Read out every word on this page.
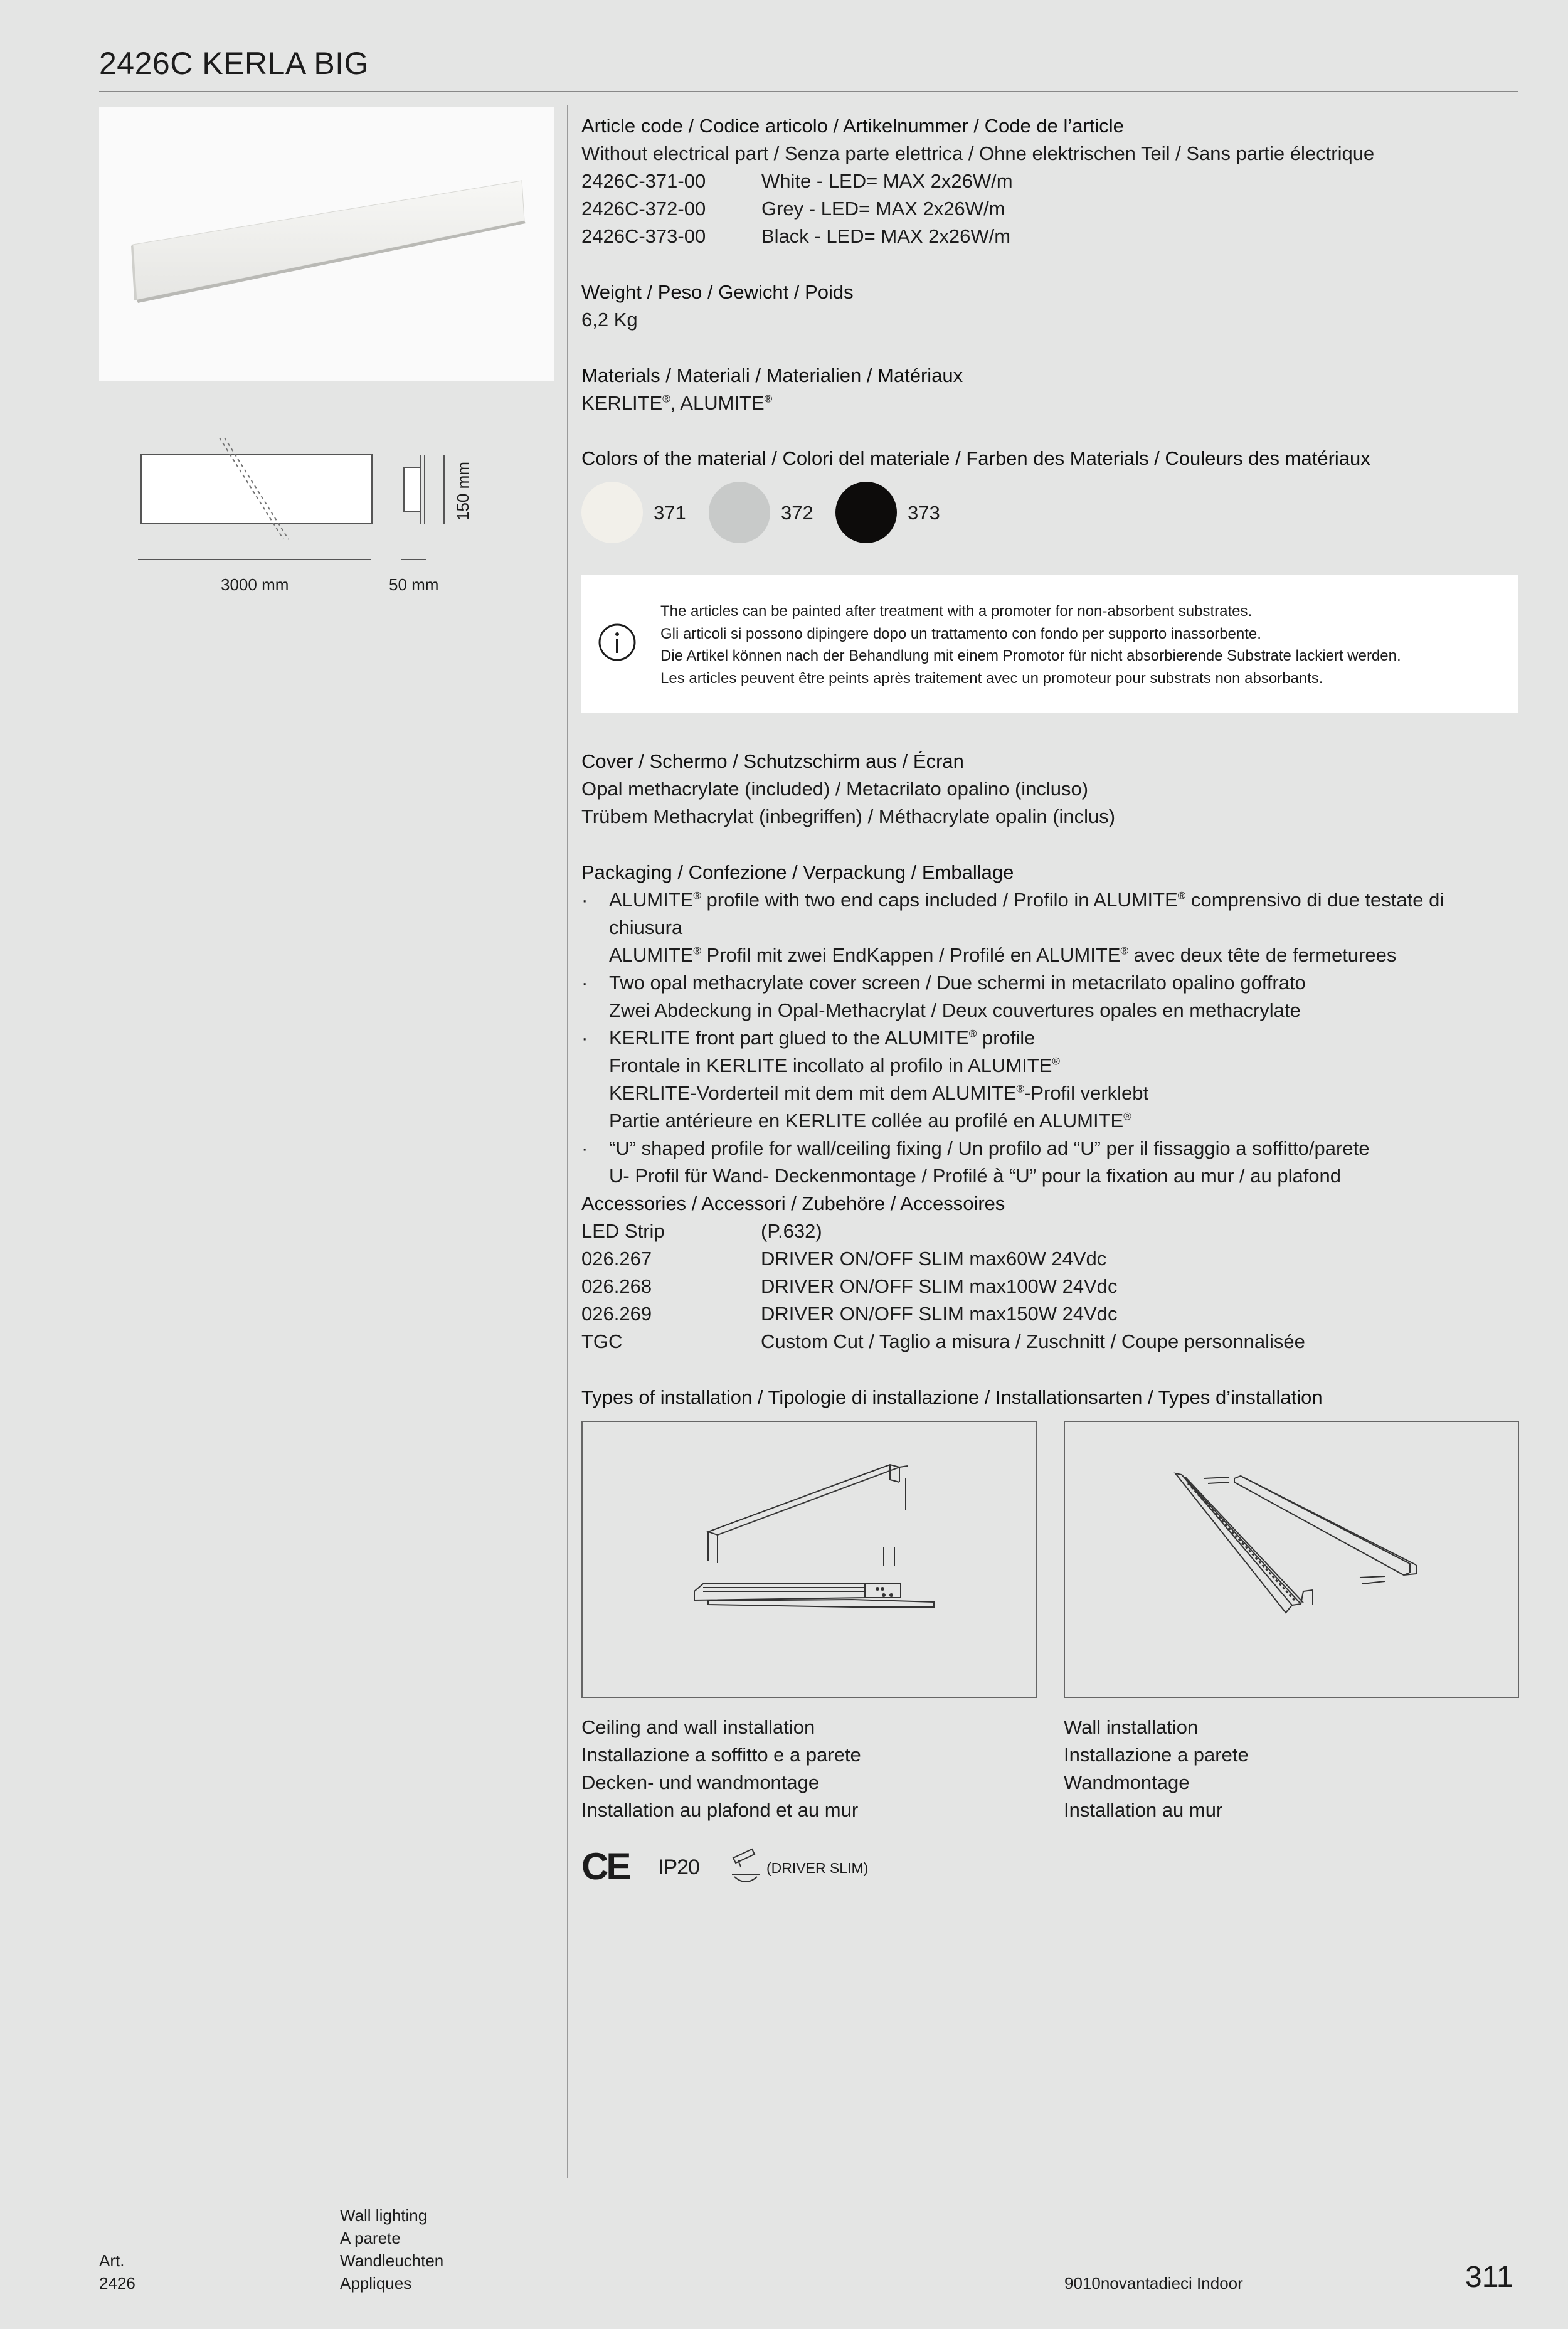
2426C KERLA BIG
3000 mm	50 mm
150 mm
Article code / Codice articolo / Artikelnummer / Code de l’article
Without electrical part / Senza parte elettrica / Ohne elektrischen Teil / Sans partie électrique
2426C-371-00	White - LED= MAX 2x26W/m
2426C-372-00	Grey - LED= MAX 2x26W/m
2426C-373-00	Black - LED= MAX 2x26W/m
Weight / Peso / Gewicht / Poids
6,2 Kg
Materials / Materiali / Materialien / Matériaux
KERLITE®, ALUMITE®
Colors of the material / Colori del materiale / Farben des Materials / Couleurs des matériaux
371	372	373
The articles can be painted after treatment with a promoter for non-absorbent substrates.
Gli articoli si possono dipingere dopo un trattamento con fondo per supporto inassorbente.
Die Artikel können nach der Behandlung mit einem Promotor für nicht absorbierende Substrate lackiert werden.
Les articles peuvent être peints après traitement avec un promoteur pour substrats non absorbants.
Cover / Schermo / Schutzschirm aus / Écran
Opal methacrylate (included) / Metacrilato opalino (incluso)
Trübem Methacrylat (inbegriffen) / Méthacrylate opalin (inclus)
Packaging / Confezione / Verpackung / Emballage
· ALUMITE® profile with two end caps included / Profilo in ALUMITE® comprensivo di due testate di chiusura
ALUMITE® Profil mit zwei EndKappen / Profilé en ALUMITE® avec deux tête de fermeturees
· Two opal methacrylate cover screen / Due schermi in metacrilato opalino goffrato
Zwei Abdeckung in Opal-Methacrylat / Deux couvertures opales en methacrylate
· KERLITE front part glued to the ALUMITE® profile
Frontale in KERLITE incollato al profilo in ALUMITE®
KERLITE-Vorderteil mit dem mit dem ALUMITE®-Profil verklebt
Partie antérieure en KERLITE collée au profilé en ALUMITE®
· “U” shaped profile for wall/ceiling fixing / Un profilo ad “U” per il fissaggio a soffitto/parete
U- Profil für Wand- Deckenmontage / Profilé à “U” pour la fixation au mur / au plafond
Accessories / Accessori / Zubehöre / Accessoires
LED Strip	(P.632)
026.267	DRIVER ON/OFF SLIM max60W 24Vdc
026.268	DRIVER ON/OFF SLIM max100W 24Vdc
026.269	DRIVER ON/OFF SLIM max150W 24Vdc
TGC	Custom Cut / Taglio a misura / Zuschnitt / Coupe personnalisée
Types of installation / Tipologie di installazione / Installationsarten / Types d’installation
Ceiling and wall installation
Installazione a soffitto e a parete
Decken- und wandmontage
Installation au plafond et au mur
Wall installation
Installazione a parete
Wandmontage
Installation au mur
CE IP20	(DRIVER SLIM)
Art.
2426
Wall lighting
A parete
Wandleuchten
Appliques	9010novantadieci Indoor	311
